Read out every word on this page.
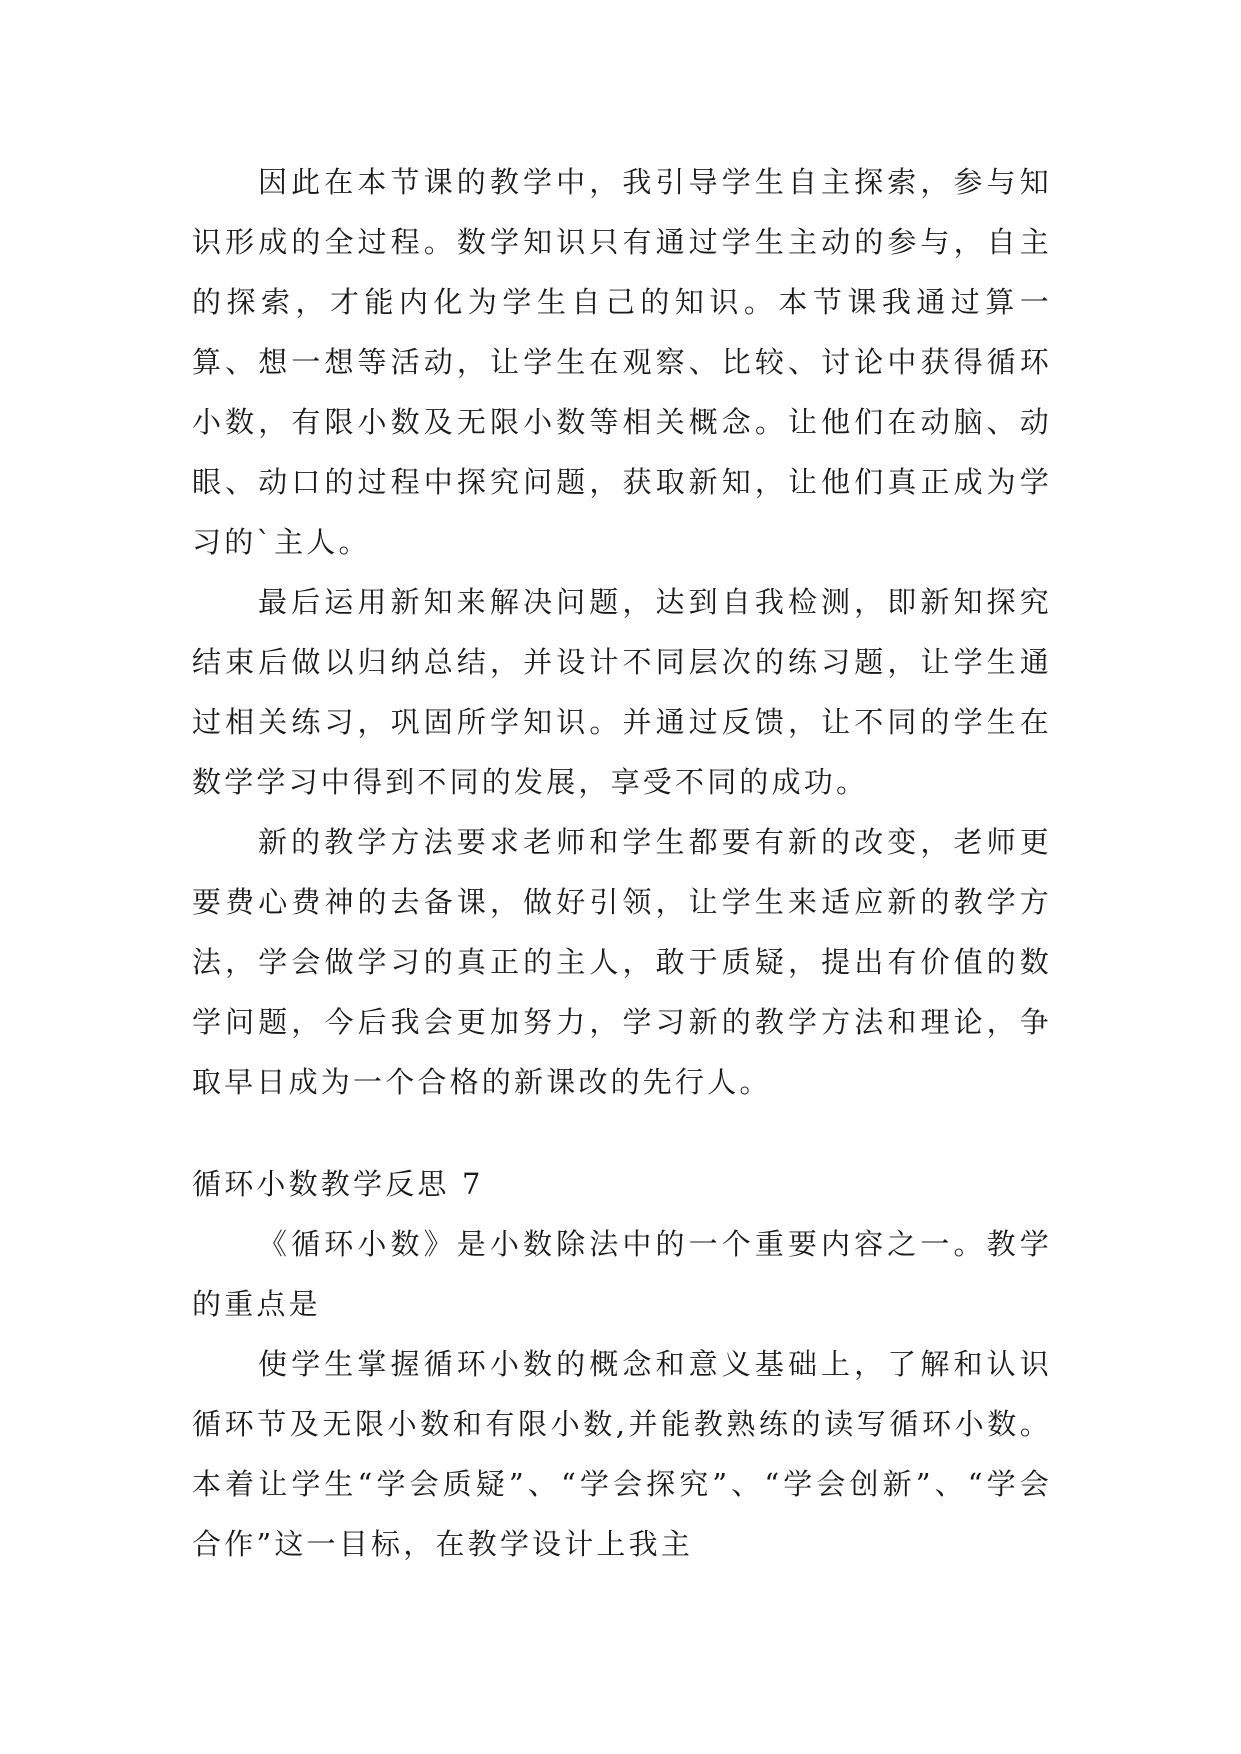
因此在本节课的教学中，我引导学生自主探索，参与知识形成的全过程。数学知识只有通过学生主动的参与，自主的探索，才能内化为学生自己的知识。本节课我通过算一算、想一想等活动，让学生在观察、比较、讨论中获得循环小数，有限小数及无限小数等相关概念。让他们在动脑、动眼、动口的过程中探究问题，获取新知，让他们真正成为学习的`主人。

最后运用新知来解决问题，达到自我检测，即新知探究结束后做以归纳总结，并设计不同层次的练习题，让学生通过相关练习，巩固所学知识。并通过反馈，让不同的学生在数学学习中得到不同的发展，享受不同的成功。

新的教学方法要求老师和学生都要有新的改变，老师更要费心费神的去备课，做好引领，让学生来适应新的教学方法，学会做学习的真正的主人，敢于质疑，提出有价值的数学问题，今后我会更加努力，学习新的教学方法和理论，争取早日成为一个合格的新课改的先行人。

循环小数教学反思 7

《循环小数》是小数除法中的一个重要内容之一。教学的重点是

使学生掌握循环小数的概念和意义基础上，了解和认识循环节及无限小数和有限小数,并能教熟练的读写循环小数。本着让学生“学会质疑”、“学会探究”、“学会创新”、“学会合作”这一目标，在教学设计上我主
